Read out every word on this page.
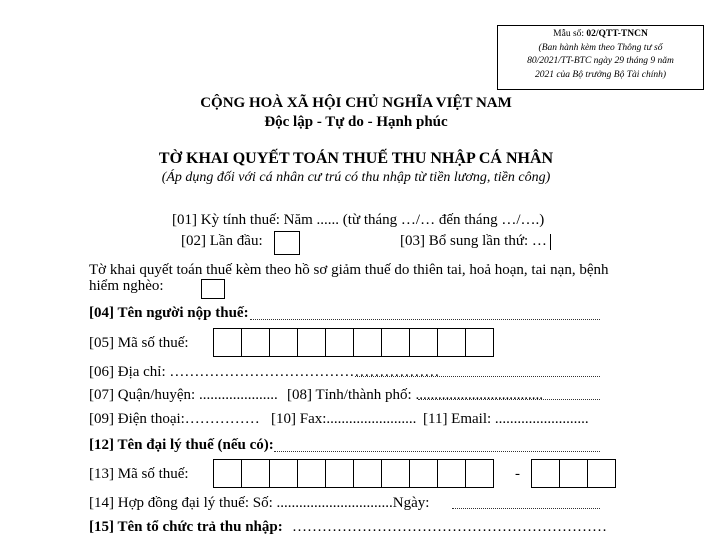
Mẫu số: 02/QTT-TNCN
(Ban hành kèm theo Thông tư số
80/2021/TT-BTC ngày 29 tháng 9 năm
2021 của Bộ trưởng Bộ Tài chính)
CỘNG HOÀ XÃ HỘI CHỦ NGHĨA VIỆT NAM
Độc lập - Tự do - Hạnh phúc
TỜ KHAI QUYẾT TOÁN THUẾ THU NHẬP CÁ NHÂN
(Áp dụng đối với cá nhân cư trú có thu nhập từ tiền lương, tiền công)
[01] Kỳ tính thuế: Năm ...... (từ tháng …/… đến tháng …/….)
[02] Lần đầu:	[03] Bổ sung lần thứ: …
Tờ khai quyết toán thuế kèm theo hồ sơ giảm thuế do thiên tai, hoả hoạn, tai nạn, bệnh
hiểm nghèo:
[04] Tên người nộp thuế:
[05] Mã số thuế:
[06] Địa chỉ: ………………………………………………
[07] Quận/huyện: ..................... [08] Tỉnh/thành phố: ..................................
[09] Điện thoại:…………… [10] Fax:........................ [11] Email: .........................
[12] Tên đại lý thuế (nếu có):
[13] Mã số thuế:	-
[14] Hợp đồng đại lý thuế: Số: ...............................Ngày:
[15] Tên tổ chức trả thu nhập: ………………………………………………………
